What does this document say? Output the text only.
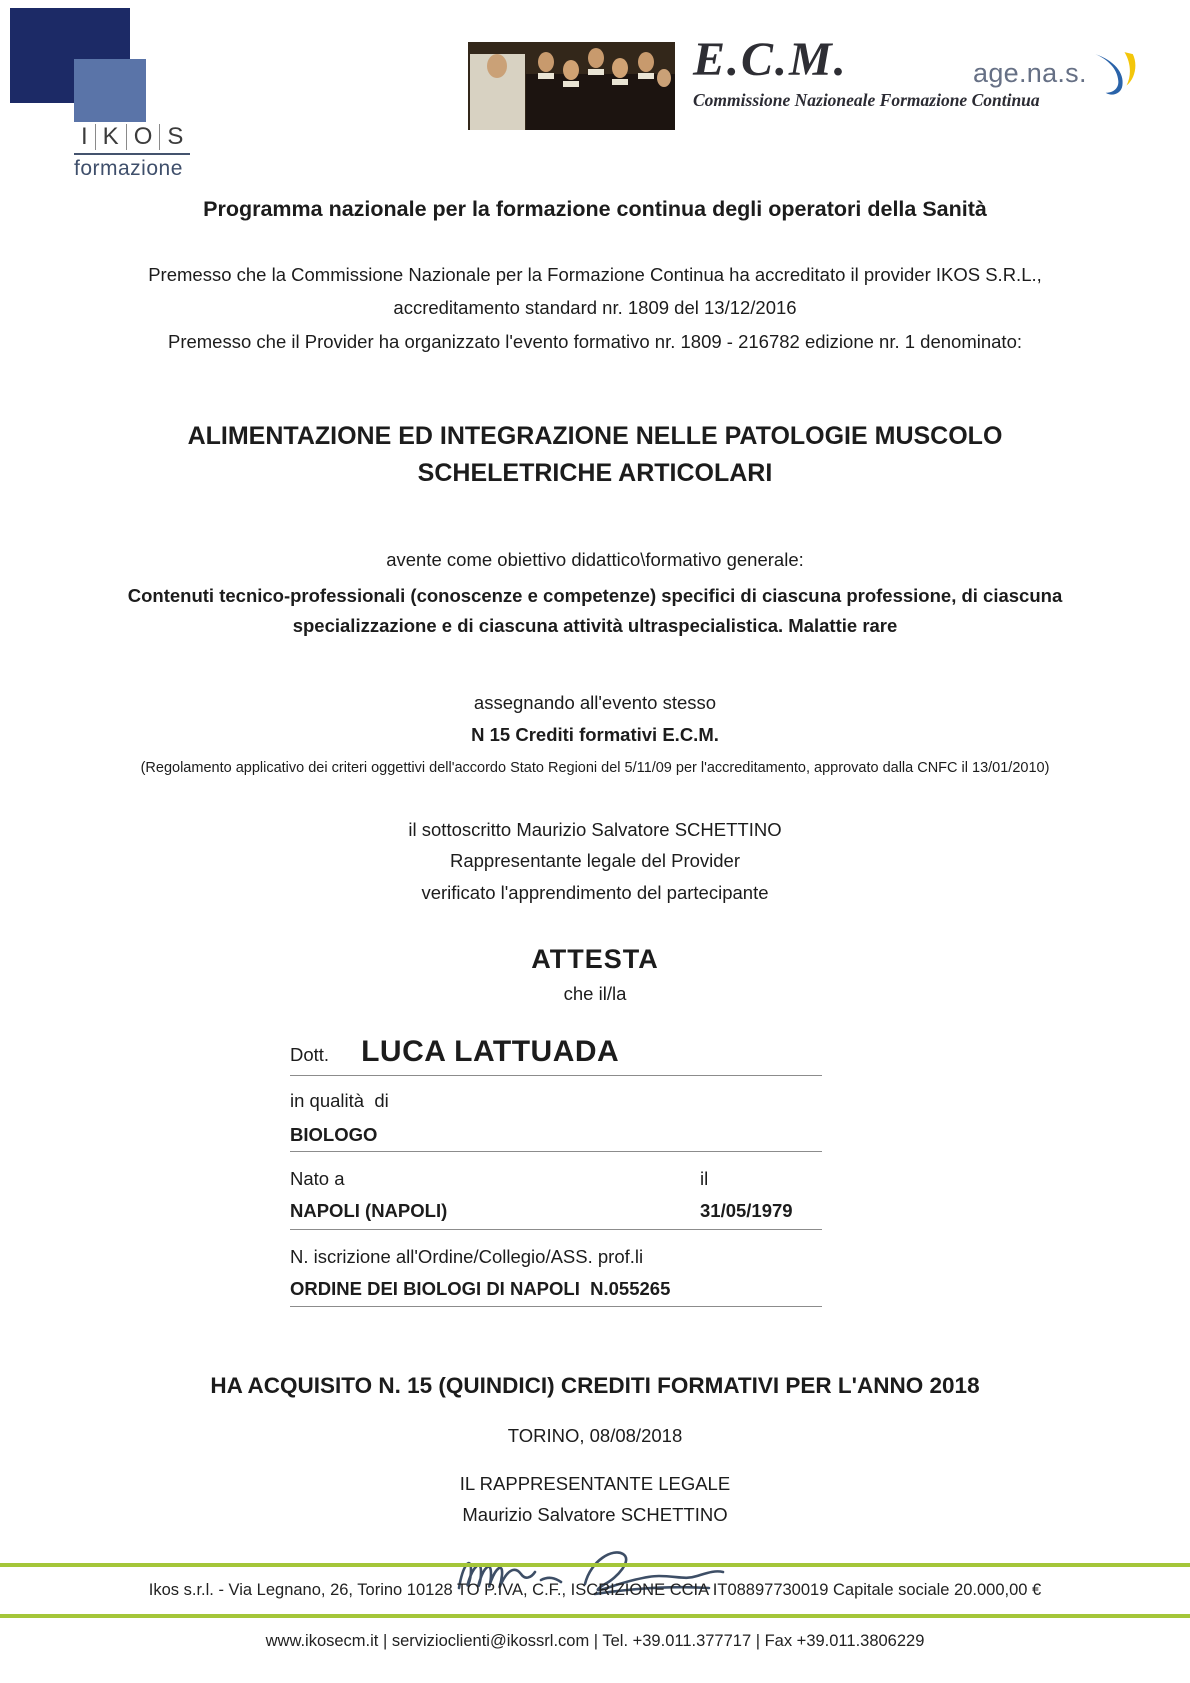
I K O S
formazione
E.C.M.
Commissione Nazioneale Formazione Continua
age.na.s.
Programma nazionale per la formazione continua degli operatori della Sanità

Premesso che la Commissione Nazionale per la Formazione Continua ha accreditato il provider IKOS S.R.L.,

accreditamento standard nr. 1809 del 13/12/2016

Premesso che il Provider ha organizzato l'evento formativo nr. 1809 - 216782 edizione nr. 1 denominato:

ALIMENTAZIONE ED INTEGRAZIONE NELLE PATOLOGIE MUSCOLO SCHELETRICHE ARTICOLARI
avente come obiettivo didattico\formativo generale:
Contenuti tecnico-professionali (conoscenze e competenze) specifici di ciascuna professione, di ciascuna specializzazione e di ciascuna attività ultraspecialistica. Malattie rare
assegnando all'evento stesso
N 15 Crediti formativi E.C.M.
(Regolamento applicativo dei criteri oggettivi dell'accordo Stato Regioni del 5/11/09 per l'accreditamento, approvato dalla CNFC il 13/01/2010)

il sottoscritto Maurizio Salvatore SCHETTINO

Rappresentante legale del Provider

verificato l'apprendimento del partecipante

ATTESTA
che il/la
Dott. LUCA LATTUADA
in qualità  di
BIOLOGO
Nato a	il
NAPOLI (NAPOLI)	31/05/1979
N. iscrizione all'Ordine/Collegio/ASS. prof.li
ORDINE DEI BIOLOGI DI NAPOLI  N.055265
HA ACQUISITO N. 15 (QUINDICI) CREDITI FORMATIVI PER L'ANNO 2018
TORINO, 08/08/2018
IL RAPPRESENTANTE LEGALE
Maurizio Salvatore SCHETTINO
Ikos s.r.l. - Via Legnano, 26, Torino 10128 TO P.IVA, C.F., ISCRIZIONE CCIA IT08897730019 Capitale sociale 20.000,00 €
www.ikosecm.it | servizioclienti@ikossrl.com | Tel. +39.011.377717 | Fax +39.011.3806229
